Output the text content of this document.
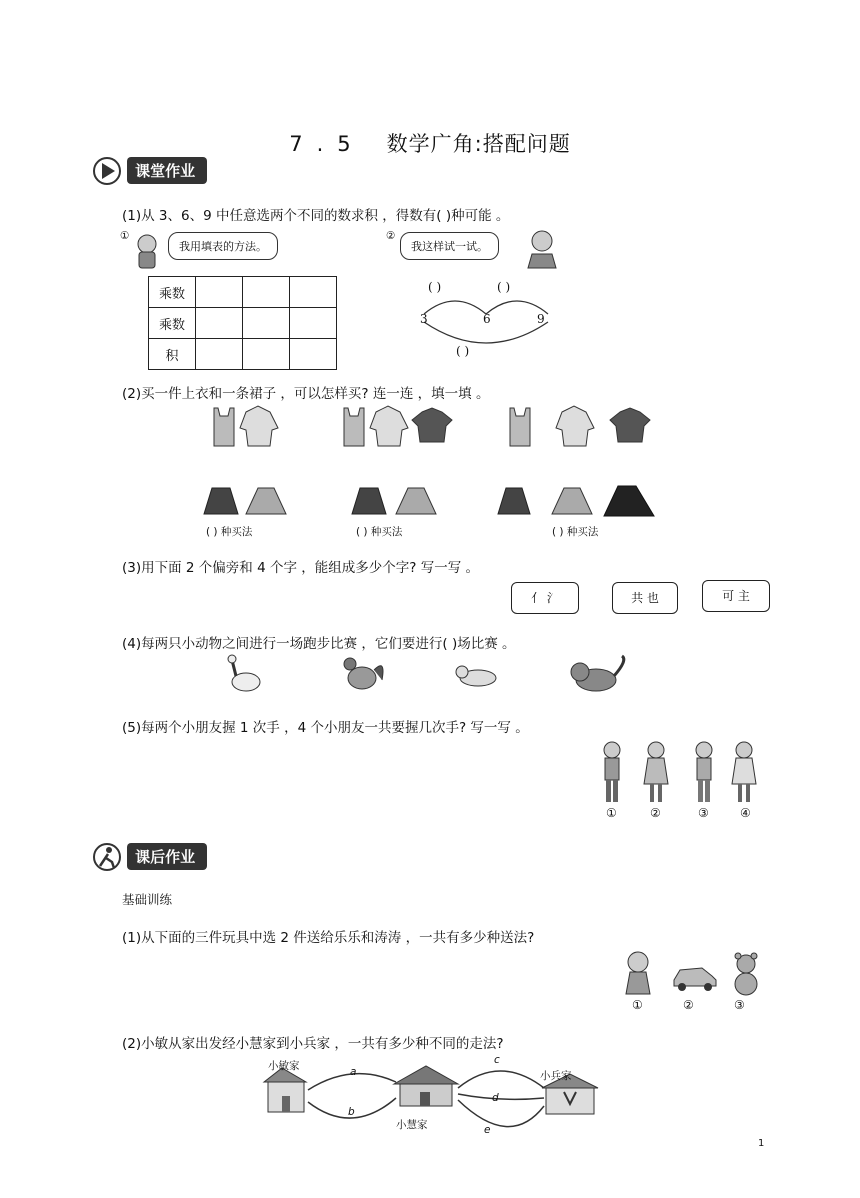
7.5 数学广角:搭配问题
课堂作业
(1)从 3、6、9 中任意选两个不同的数求积 ，得数有( )种可能 。
①
我用填表的方法。
②
我这样试一试。
乘数			
乘数			
积			
( )	( )
3	6	9
( )
(2)买一件上衣和一条裙子 ，可以怎样买? 连一连 ，填一填 。
( ) 种买法	( ) 种买法	( ) 种买法
(3)用下面 2 个偏旁和 4 个字 ，能组成多少个字? 写一写 。
亻 氵	共 也	可 主
(4)每两只小动物之间进行一场跑步比赛 ，它们要进行( )场比赛 。
(5)每两个小朋友握 1 次手 ，4 个小朋友一共要握几次手? 写一写 。
①	②	③	④
课后作业
基础训练
(1)从下面的三件玩具中选 2 件送给乐乐和涛涛 ，一共有多少种送法?
①	②	③
(2)小敏从家出发经小慧家到小兵家 ，一共有多少种不同的走法?
小敏家
小慧家
小兵家
a
b
c
d
e
1
